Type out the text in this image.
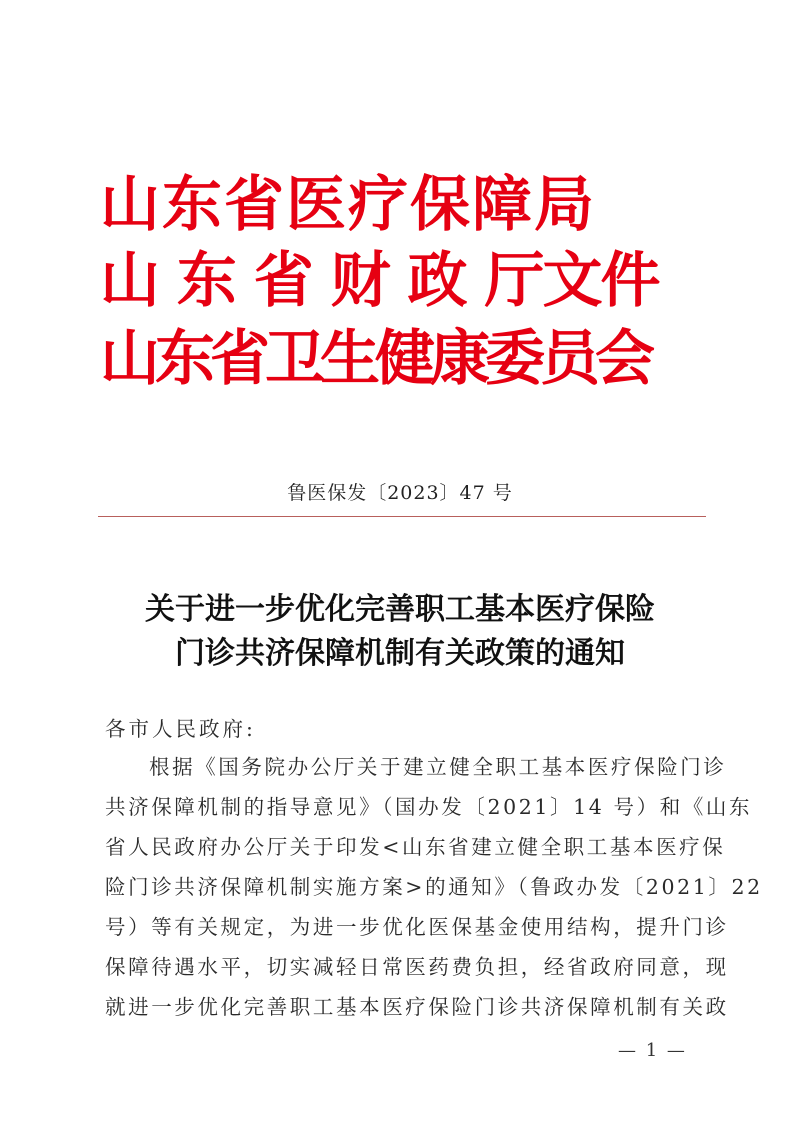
山东省医疗保障局
山 东 省 财 政 厅文件
山东省卫生健康委员会
鲁医保发〔2023〕47 号
关于进一步优化完善职工基本医疗保险
门诊共济保障机制有关政策的通知
各市人民政府:
根据《国务院办公厅关于建立健全职工基本医疗保险门诊
共济保障机制的指导意见》（国办发〔2021〕14 号）和《山东
省人民政府办公厅关于印发<山东省建立健全职工基本医疗保
险门诊共济保障机制实施方案>的通知》（鲁政办发〔2021〕22
号）等有关规定，为进一步优化医保基金使用结构，提升门诊
保障待遇水平，切实减轻日常医药费负担，经省政府同意，现
就进一步优化完善职工基本医疗保险门诊共济保障机制有关政
— 1 —
